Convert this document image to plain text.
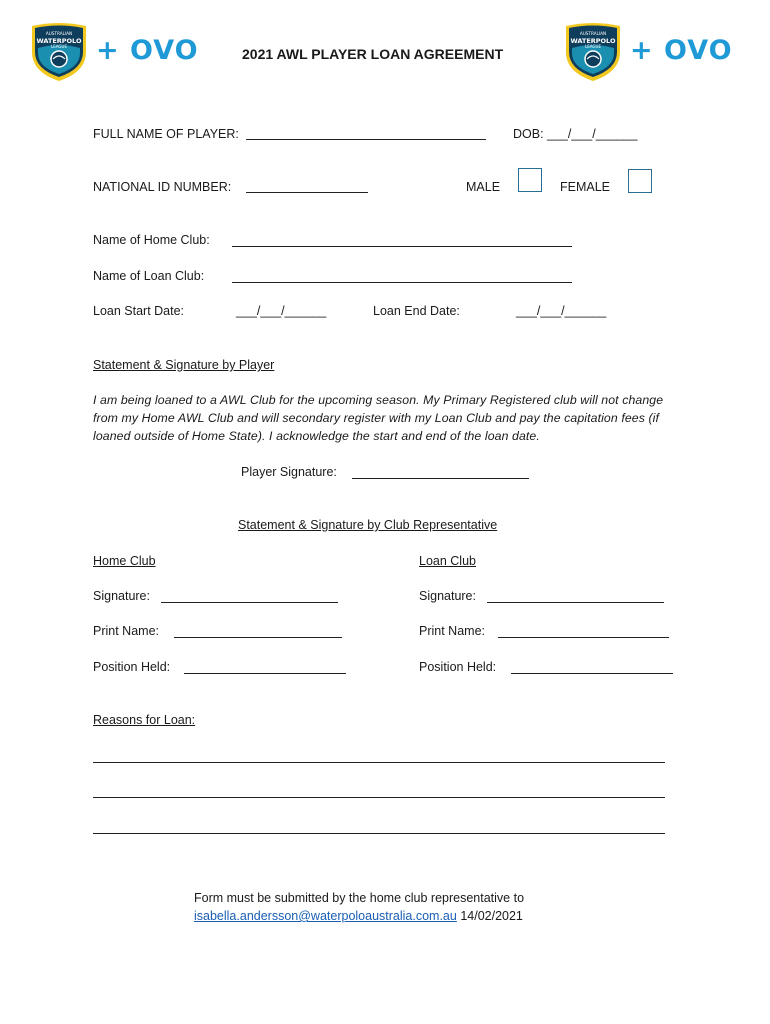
AUSTRALIAN
WATERPOLO
LEAGUE + OVO	2021 AWL PLAYER LOAN AGREEMENT
AUSTRALIAN
WATERPOLO
LEAGUE + OVO
FULL NAME OF PLAYER:	DOB: ___/___/______
NATIONAL ID NUMBER:	MALE	FEMALE
Name of Home Club:
Name of Loan Club:
Loan Start Date:	___/___/______	Loan End Date:	___/___/______
Statement & Signature by Player
I am being loaned to a AWL Club for the upcoming season. My Primary Registered club will not change from my Home AWL Club and will secondary register with my Loan Club and pay the capitation fees (if loaned outside of Home State). I acknowledge the start and end of the loan date.
Player Signature:
Statement & Signature by Club Representative
Home Club	Loan Club
Signature:	Signature:
Print Name:	Print Name:
Position Held:	Position Held:
Reasons for Loan:
Form must be submitted by the home club representative to
isabella.andersson@waterpoloaustralia.com.au 14/02/2021
